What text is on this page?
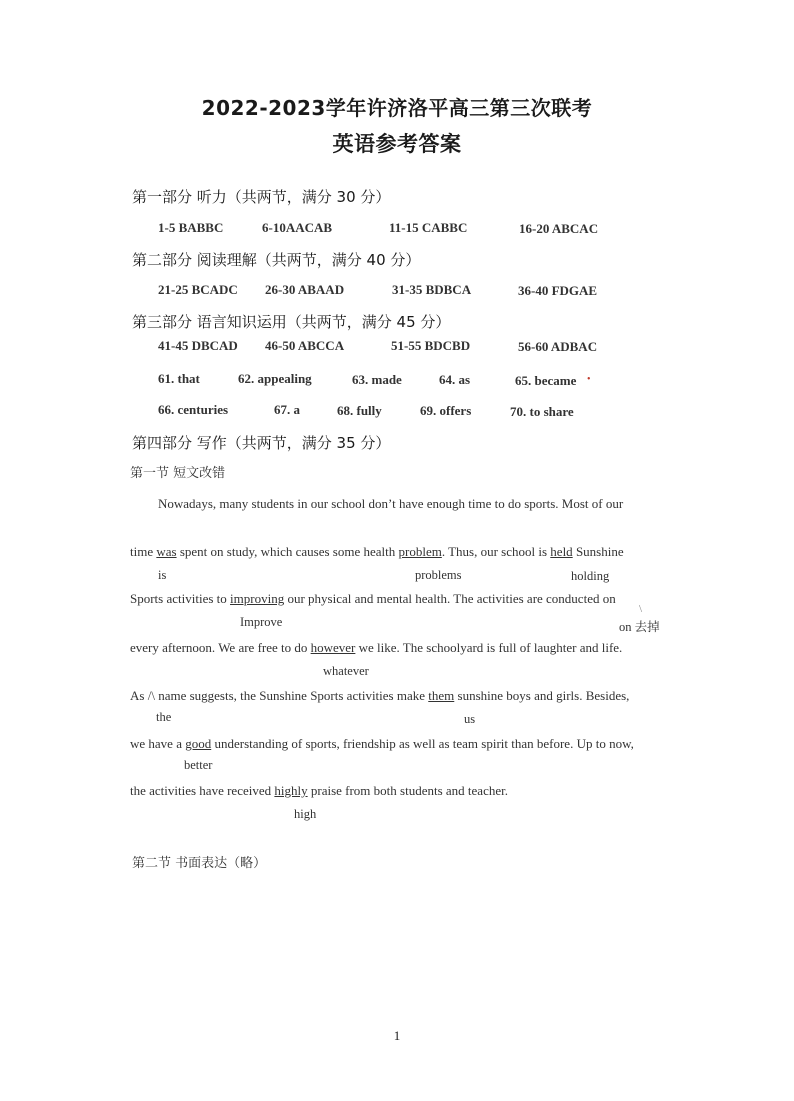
2022-2023学年许济洛平高三第三次联考
英语参考答案
第一部分 听力（共两节，满分 30 分）
1-5 BABBC	6-10AACAB	11-15 CABBC	16-20 ABCAC
第二部分 阅读理解（共两节，满分 40 分）
21-25 BCADC 26-30 ABAAD	31-35 BDBCA	36-40 FDGAE
第三部分 语言知识运用（共两节，满分 45 分）
41-45 DBCAD 46-50 ABCCA	51-55 BDCBD	56-60 ADBAC
61. that	62. appealing	63. made	64. as	65. became •
66. centuries	67. a	68. fully	69. offers	70. to share
第四部分 写作（共两节，满分 35 分）
第一节 短文改错
Nowadays, many students in our school don’t have enough time to do sports. Most of our
time was spent on study, which causes some health problem. Thus, our school is held Sunshine
is	problems	holding
Sports activities to improving our physical and mental health. The activities are conducted on
\
Improve	on 去掉
every afternoon. We are free to do however we like. The schoolyard is full of laughter and life.
whatever
As /\ name suggests, the Sunshine Sports activities make them sunshine boys and girls. Besides,
the	us
we have a good understanding of sports, friendship as well as team spirit than before. Up to now,
better
the activities have received highly praise from both students and teacher.
high
第二节 书面表达（略）
1
